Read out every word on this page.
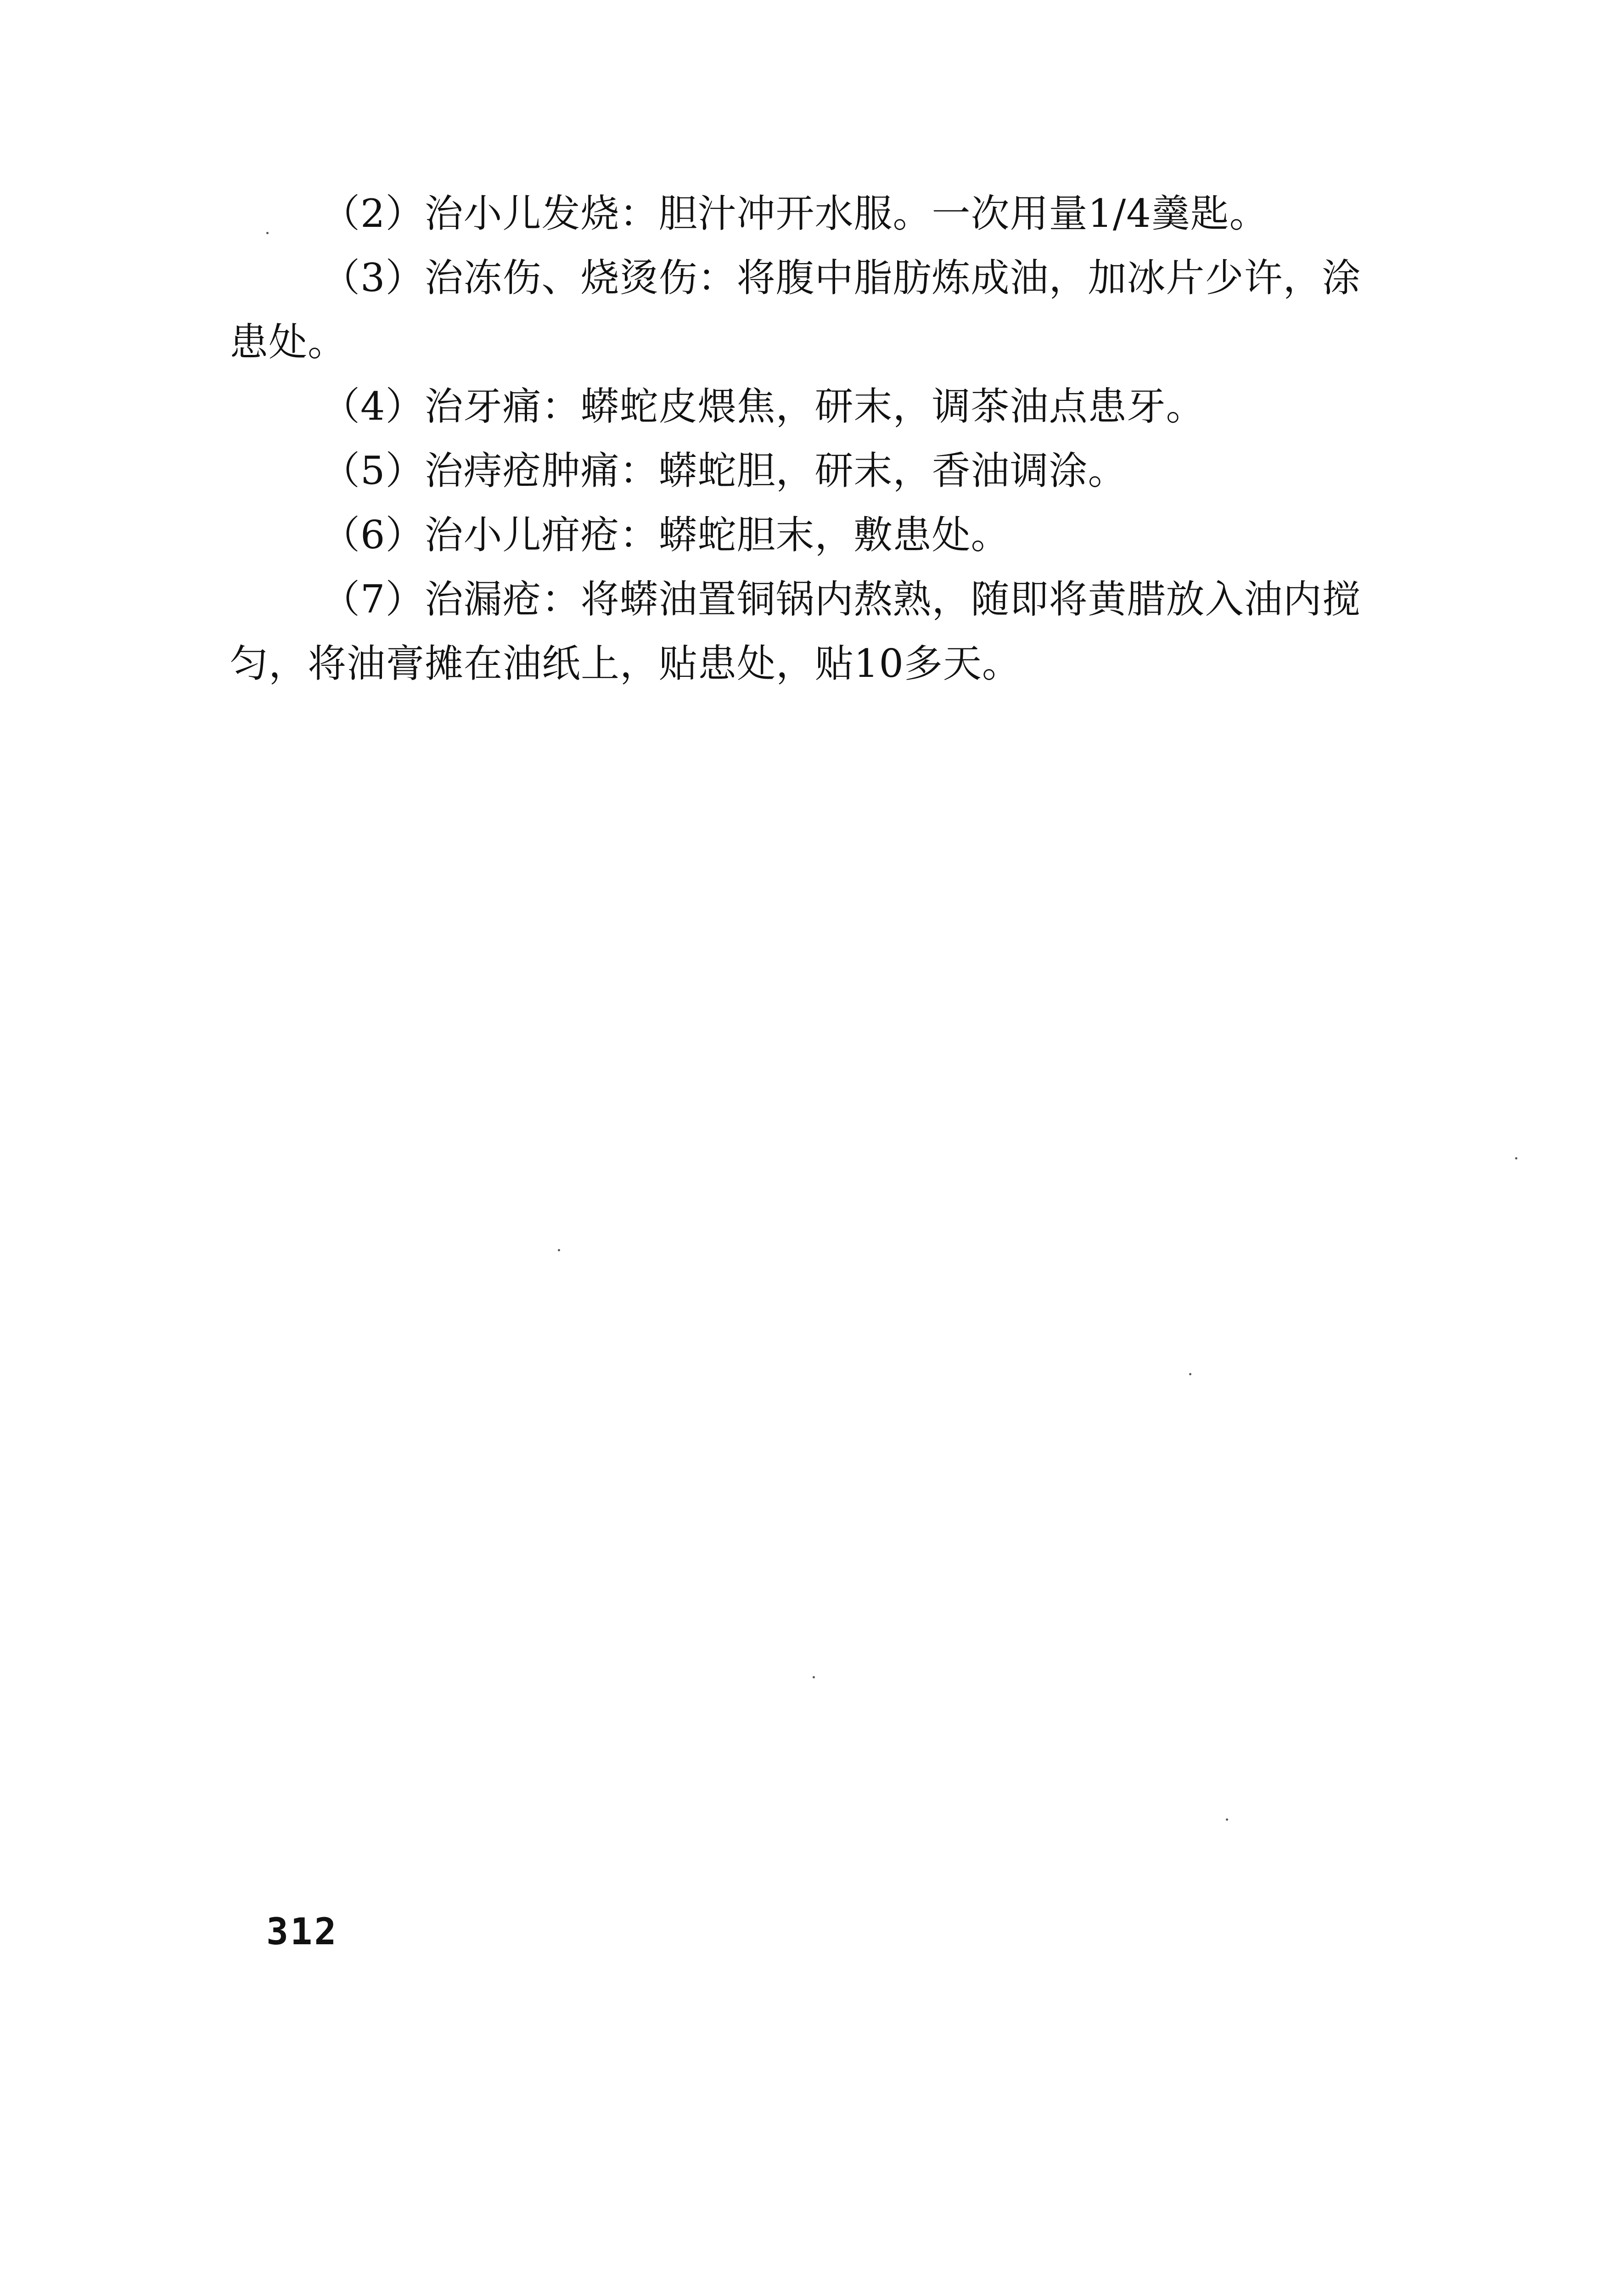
（2）治小儿发烧：胆汁冲开水服。一次用量1/4羹匙。

（3）治冻伤、烧烫伤：将腹中脂肪炼成油，加冰片少许，涂患处。

（4）治牙痛：蟒蛇皮煨焦，研末，调茶油点患牙。

（5）治痔疮肿痛：蟒蛇胆，研末，香油调涂。

（6）治小儿疳疮：蟒蛇胆末，敷患处。

（7）治漏疮：将蟒油置铜锅内熬熟，随即将黄腊放入油内搅匀，将油膏摊在油纸上，贴患处，贴10多天。

312
